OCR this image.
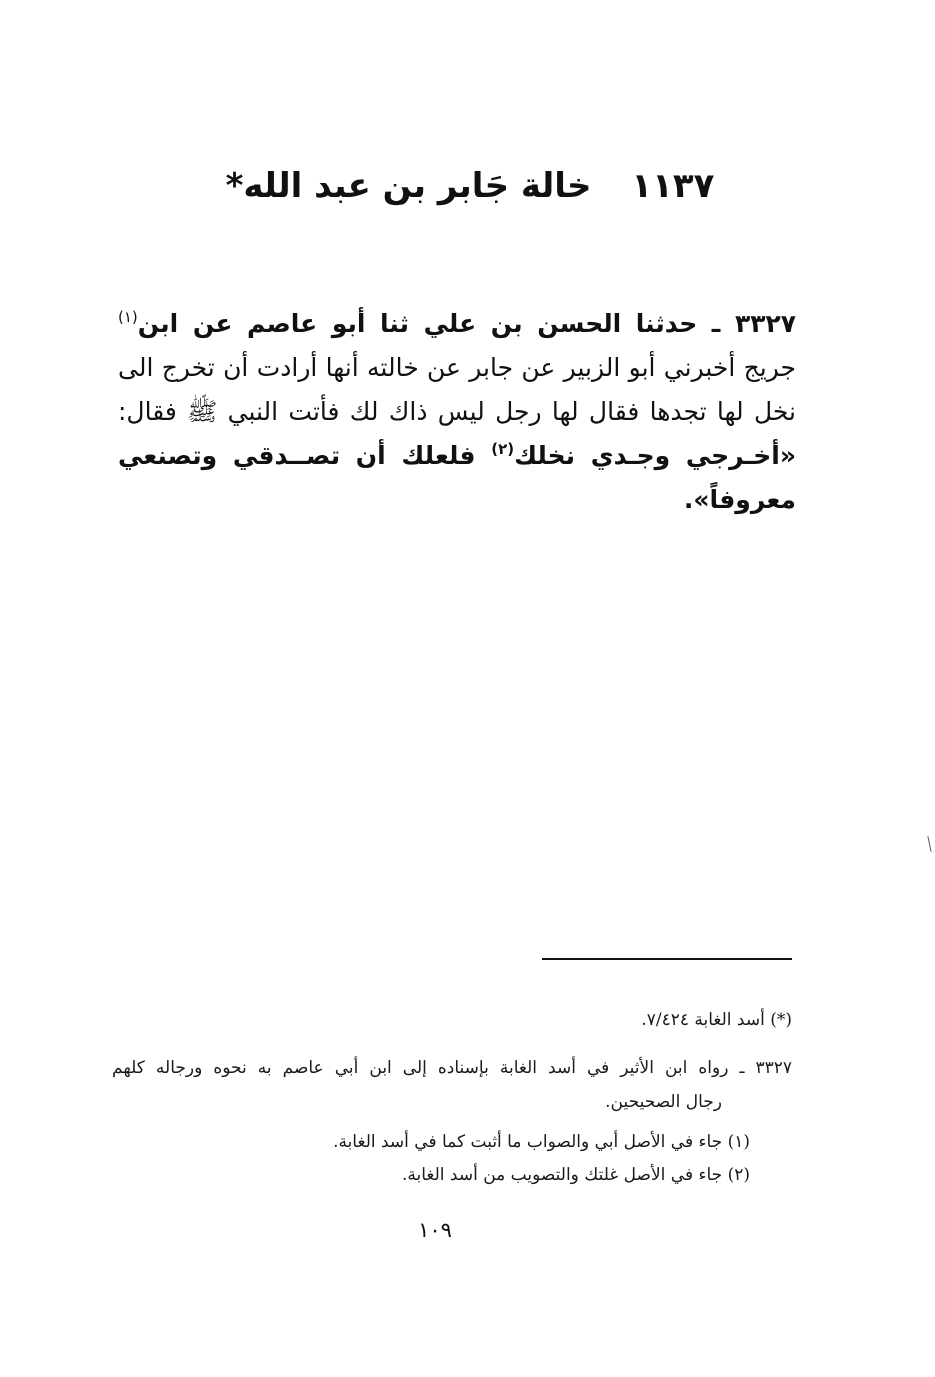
١١٣٧ خالة جَابر بن عبد الله*
٣٣٢٧ ـ حدثنا الحسن بن علي ثنا أبو عاصم عن ابن$^{(١)}$
جريج أخبرني أبو الزبير عن جابر عن خالته أنها أرادت أن تخرج الى
نخل لها تجدها فقال لها رجل ليس ذاك لك فأتت النبي ﷺ فقال:
«أخـرجي وجـدي نخلك$^{(٢)}$ فلعلك أن تصــدقي وتصنعي
معروفاً».
(*) أسد الغابة ٧/٤٢٤.
٣٣٢٧ ـ رواه ابن الأثير في أسد الغابة بإسناده إلى ابن أبي عاصم به نحوه ورجاله كلهم
رجال الصحيحين.
(١) جاء في الأصل أبي والصواب ما أثبت كما في أسد الغابة.
(٢) جاء في الأصل غلتك والتصويب من أسد الغابة.
١٠٩
